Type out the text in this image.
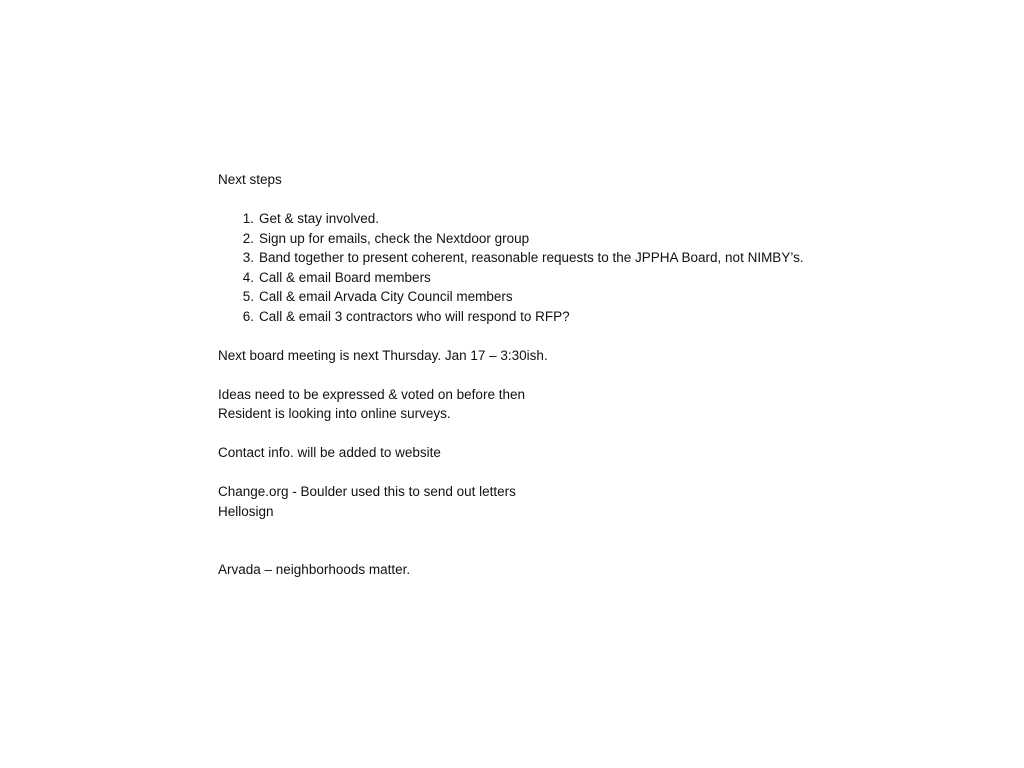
Next steps
1. Get & stay involved.
2. Sign up for emails, check the Nextdoor group
3. Band together to present coherent, reasonable requests to the JPPHA Board, not NIMBY’s.
4. Call & email Board members
5. Call & email Arvada City Council members
6. Call & email 3 contractors who will respond to RFP?
Next board meeting is next Thursday. Jan 17 – 3:30ish.
Ideas need to be expressed & voted on before then
Resident is looking into online surveys.
Contact info. will be added to website
Change.org - Boulder used this to send out letters
Hellosign
Arvada – neighborhoods matter.
